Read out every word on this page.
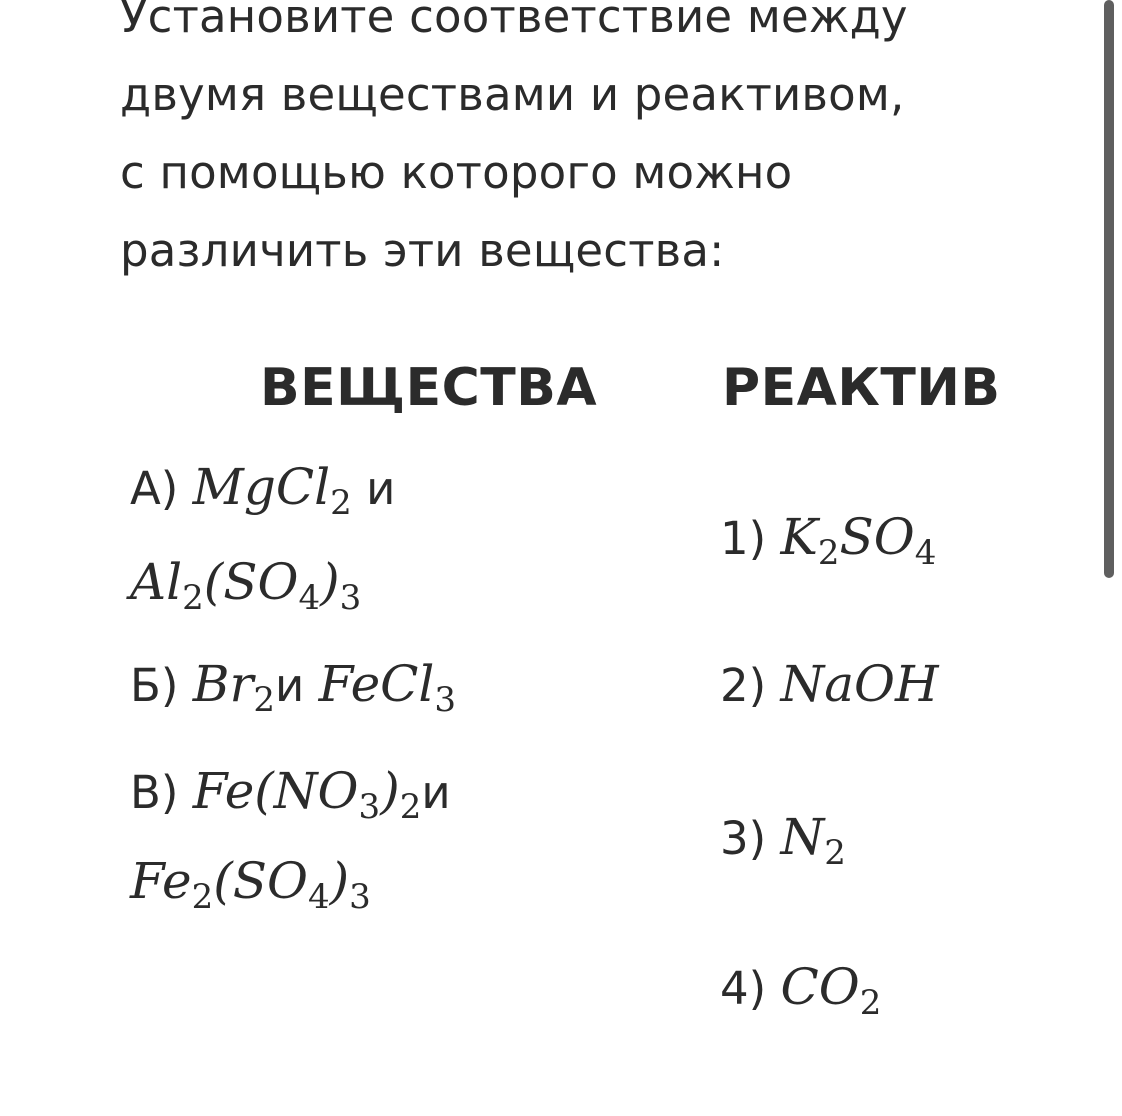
Установите соответствие между
двумя веществами и реактивом,
с помощью которого можно
различить эти вещества:
ВЕЩЕСТВА РЕАКТИВ
А) MgCl$_2$ и
$Al_2(SO_4)_3$
Б) $Br_2и$ FeCl$_3$
В) $Fe(NO_3)_2и$
$Fe_2(SO_4)_3$
1) $K_2SO_4$
2) NaOH
3) $N_2$
4) $CO_2$
